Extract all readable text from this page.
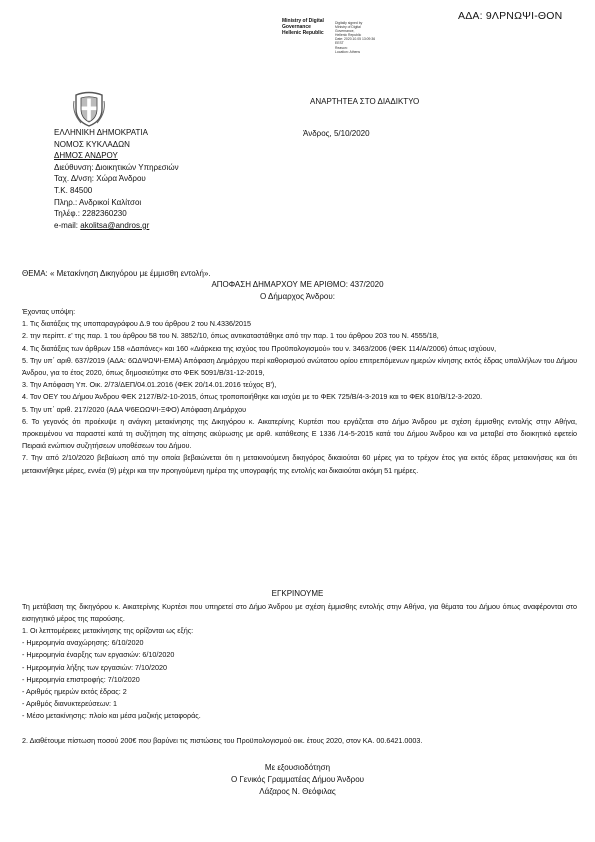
ΑΔΑ: 9ΛΡΝΩΨΙ-ΘΟΝ
Ministry of Digital
Governance
Hellenic Republic
Digitally signed by
Ministry of Digital
Governance,
Hellenic Republic
Date: 2020.10.05 13:09:36
EEST
Reason:
Location: Athens
ΑΝΑΡΤΗΤΕΑ ΣΤΟ ΔΙΑΔΙΚΤΥΟ
ΕΛΛΗΝΙΚΗ ΔΗΜΟΚΡΑΤΙΑ
ΝΟΜΟΣ ΚΥΚΛΑΔΩΝ
ΔΗΜΟΣ ΑΝΔΡΟΥ
Διεύθυνση: Διοικητικών Υπηρεσιών
Ταχ. Δ/νση: Χώρα Άνδρου
Τ.Κ. 84500
Πληρ.: Ανδρικοί Καλίτσοι
Τηλέφ.: 2282360230
e-mail: akolitsa@andros.gr
Άνδρος, 5/10/2020
ΘΕΜΑ: « Μετακίνηση Δικηγόρου με έμμισθη εντολή».
ΑΠΟΦΑΣΗ ΔΗΜΑΡΧΟΥ ΜΕ ΑΡΙΘΜΟ: 437/2020
Ο Δήμαρχος Άνδρου:

Έχοντας υπόψη:

1. Τις διατάξεις της υποπαραγράφου Δ.9 του άρθρου 2 του Ν.4336/2015

2. την περίπτ. ε' της παρ. 1 του άρθρου 58 του Ν. 3852/10, όπως αντικαταστάθηκε από την παρ. 1 του άρθρου 203 του Ν. 4555/18,

4. Τις διατάξεις των άρθρων 158 «Δαπάνες» και 160 «Διάρκεια της ισχύος του Προϋπολογισμού» του ν. 3463/2006 (ΦΕΚ 114/Α/2006) όπως ισχύουν,

5. Την υπ΄ αριθ. 637/2019 (ΑΔΑ: 6ΩΔΨΩΨΙ-ΕΜΑ) Απόφαση Δημάρχου περί καθορισμού ανώτατου ορίου επιτρεπόμενων ημερών κίνησης εκτός έδρας υπαλλήλων του Δήμου Άνδρου, για το έτος 2020, όπως δημοσιεύτηκε στο ΦΕΚ 5091/Β/31-12-2019,

3. Την Απόφαση Υπ. Οικ. 2/73/ΔΕΠ/04.01.2016 (ΦΕΚ 20/14.01.2016 τεύχος Β'),

4. Τον ΟΕΥ του Δήμου Άνδρου ΦΕΚ 2127/Β/2-10-2015, όπως τροποποιήθηκε και ισχύει με το ΦΕΚ 725/Β/4-3-2019 και το ΦΕΚ 810/Β/12-3-2020.

5. Την υπ΄ αριθ. 217/2020 (ΑΔΑ Ψ6ΕΩΩΨΙ-ΞΦΟ) Απόφαση Δημάρχου

6. Το γεγονός ότι προέκυψε η ανάγκη μετακίνησης της Δικηγόρου κ. Αικατερίνης Κυρτέσι που εργάζεται στο Δήμο Άνδρου με σχέση έμμισθης εντολής στην Αθήνα, προκειμένου να παραστεί κατά τη συζήτηση της αίτησης ακύρωσης με αριθ. κατάθεσης Ε 1336 /14-5-2015 κατά του Δήμου Άνδρου και να μεταβεί στο διοικητικό εφετείο Πειραιά ενώπιον συζητήσεων υποθέσεων του Δήμου.

7. Την από 2/10/2020 βεβαίωση από την οποία βεβαιώνεται ότι η μετακινούμενη δικηγόρος δικαιούται 60 μέρες για το τρέχον έτος για εκτός έδρας μετακινήσεις και ότι μετακινήθηκε μέρες, εννέα (9) μέχρι και την προηγούμενη ημέρα της υπογραφής της εντολής και δικαιούται ακόμη 51 ημέρες.

ΕΓΚΡΙΝΟΥΜΕ
Τη μετάβαση της δικηγόρου κ. Αικατερίνης Κυρτέσι που υπηρετεί στο Δήμο Άνδρου με σχέση έμμισθης εντολής στην Αθήνα, για θέματα του Δήμου όπως αναφέρονται στο εισηγητικό μέρος της παρούσης.
1. Οι λεπτομέρειες μετακίνησης της ορίζονται ως εξής:
- Ημερομηνία αναχώρησης: 6/10/2020
- Ημερομηνία έναρξης των εργασιών: 6/10/2020
- Ημερομηνία λήξης των εργασιών: 7/10/2020
- Ημερομηνία επιστροφής: 7/10/2020
- Αριθμός ημερών εκτός έδρας: 2
- Αριθμός διανυκτερεύσεων: 1
- Μέσο μετακίνησης: πλοίο και μέσα μαζικής μεταφοράς.
2. Διαθέτουμε πίστωση ποσού 200€ που βαρύνει τις πιστώσεις του Προϋπολογισμού οικ. έτους 2020, στον ΚΑ. 00.6421.0003.
Με εξουσιοδότηση
Ο Γενικός Γραμματέας Δήμου Άνδρου
Λάζαρος Ν. Θεόφιλας
